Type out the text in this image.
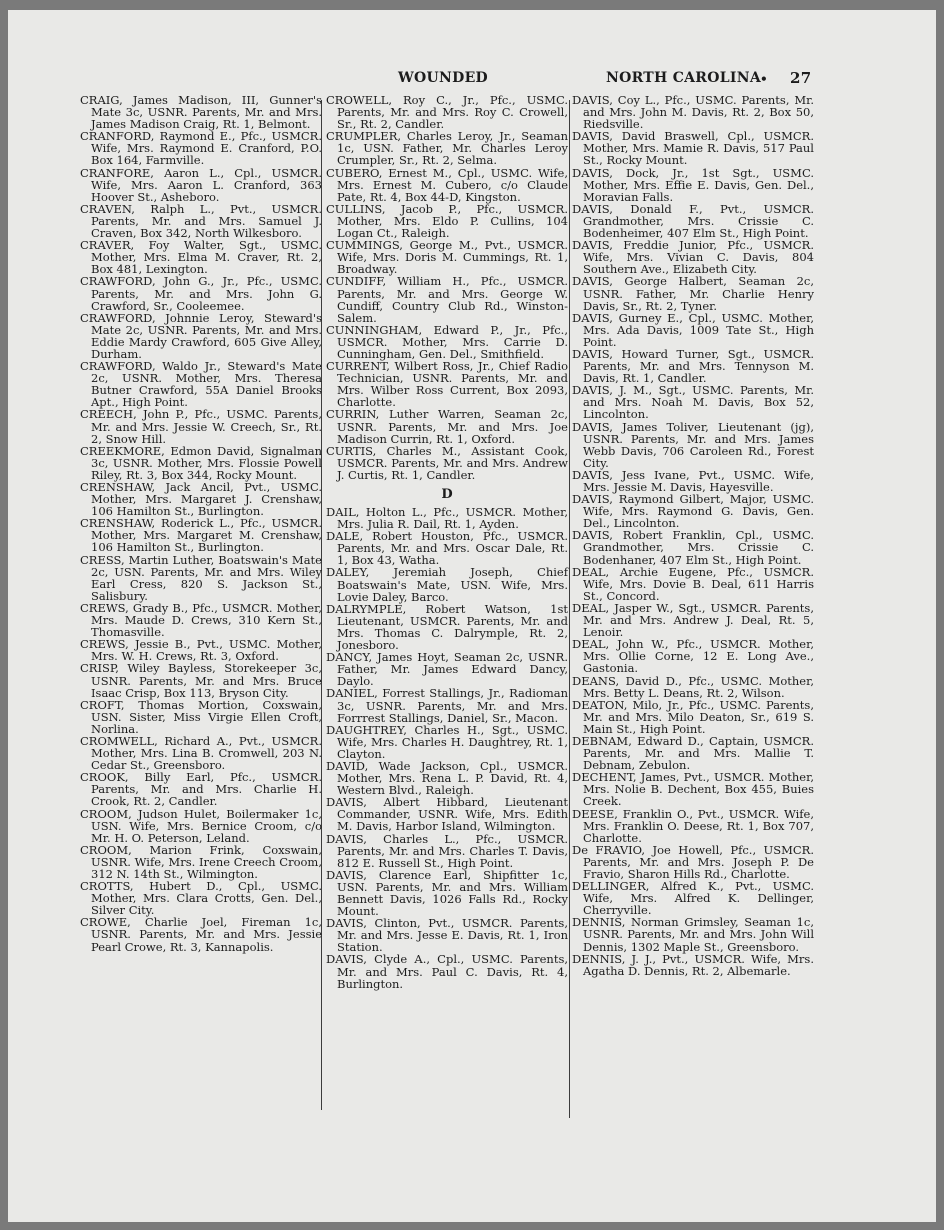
WOUNDED	NORTH CAROLINA • 27

CRAIG, James Madison, III, Gunner's Mate 3c, USNR. Parents, Mr. and Mrs. James Madison Craig, Rt. 1, Belmont.

CRANFORD, Raymond E., Pfc., USMCR. Wife, Mrs. Raymond E. Cranford, P.O. Box 164, Farmville.

CRANFORE, Aaron L., Cpl., USMCR. Wife, Mrs. Aaron L. Cranford, 363 Hoover St., Asheboro.

CRAVEN, Ralph L., Pvt., USMCR. Parents, Mr. and Mrs. Samuel J. Craven, Box 342, North Wilkesboro.

CRAVER, Foy Walter, Sgt., USMC. Mother, Mrs. Elma M. Craver, Rt. 2, Box 481, Lexington.

CRAWFORD, John G., Jr., Pfc., USMC. Parents, Mr. and Mrs. John G. Crawford, Sr., Cooleemee.

CRAWFORD, Johnnie Leroy, Steward's Mate 2c, USNR. Parents, Mr. and Mrs. Eddie Mardy Crawford, 605 Give Alley, Durham.

CRAWFORD, Waldo Jr., Steward's Mate 2c, USNR. Mother, Mrs. Theresa Butner Crawford, 55A Daniel Brooks Apt., High Point.

CREECH, John P., Pfc., USMC. Parents, Mr. and Mrs. Jessie W. Creech, Sr., Rt. 2, Snow Hill.

CREEKMORE, Edmon David, Signalman 3c, USNR. Mother, Mrs. Flossie Powell Riley, Rt. 3, Box 344, Rocky Mount.

CRENSHAW, Jack Ancil, Pvt., USMC. Mother, Mrs. Margaret J. Crenshaw, 106 Hamilton St., Burlington.

CRENSHAW, Roderick L., Pfc., USMCR. Mother, Mrs. Margaret M. Crenshaw, 106 Hamilton St., Burlington.

CRESS, Martin Luther, Boatswain's Mate 2c, USN. Parents, Mr. and Mrs. Wiley Earl Cress, 820 S. Jackson St., Salisbury.

CREWS, Grady B., Pfc., USMCR. Mother, Mrs. Maude D. Crews, 310 Kern St., Thomasville.

CREWS, Jessie B., Pvt., USMC. Mother, Mrs. W. H. Crews, Rt. 3, Oxford.

CRISP, Wiley Bayless, Storekeeper 3c, USNR. Parents, Mr. and Mrs. Bruce Isaac Crisp, Box 113, Bryson City.

CROFT, Thomas Mortion, Coxswain, USN. Sister, Miss Virgie Ellen Croft, Norlina.

CROMWELL, Richard A., Pvt., USMCR. Mother, Mrs. Lina B. Cromwell, 203 N. Cedar St., Greensboro.

CROOK, Billy Earl, Pfc., USMCR. Parents, Mr. and Mrs. Charlie H. Crook, Rt. 2, Candler.

CROOM, Judson Hulet, Boilermaker 1c, USN. Wife, Mrs. Bernice Croom, c/o Mr. H. O. Peterson, Leland.

CROOM, Marion Frink, Coxswain, USNR. Wife, Mrs. Irene Creech Croom, 312 N. 14th St., Wilmington.

CROTTS, Hubert D., Cpl., USMC. Mother, Mrs. Clara Crotts, Gen. Del., Silver City.

CROWE, Charlie Joel, Fireman 1c, USNR. Parents, Mr. and Mrs. Jessie Pearl Crowe, Rt. 3, Kannapolis.

CROWELL, Roy C., Jr., Pfc., USMC. Parents, Mr. and Mrs. Roy C. Crowell, Sr., Rt. 2, Candler.

CRUMPLER, Charles Leroy, Jr., Seaman 1c, USN. Father, Mr. Charles Leroy Crumpler, Sr., Rt. 2, Selma.

CUBERO, Ernest M., Cpl., USMC. Wife, Mrs. Ernest M. Cubero, c/o Claude Pate, Rt. 4, Box 44-D, Kingston.

CULLINS, Jacob P., Pfc., USMCR. Mother, Mrs. Eldo P. Cullins, 104 Logan Ct., Raleigh.

CUMMINGS, George M., Pvt., USMCR. Wife, Mrs. Doris M. Cummings, Rt. 1, Broadway.

CUNDIFF, William H., Pfc., USMCR. Parents, Mr. and Mrs. George W. Cundiff, Country Club Rd., Winston-Salem.

CUNNINGHAM, Edward P., Jr., Pfc., USMCR. Mother, Mrs. Carrie D. Cunningham, Gen. Del., Smithfield.

CURRENT, Wilbert Ross, Jr., Chief Radio Technician, USNR. Parents, Mr. and Mrs. Wilber Ross Current, Box 2093, Charlotte.

CURRIN, Luther Warren, Seaman 2c, USNR. Parents, Mr. and Mrs. Joe Madison Currin, Rt. 1, Oxford.

CURTIS, Charles M., Assistant Cook, USMCR. Parents, Mr. and Mrs. Andrew J. Curtis, Rt. 1, Candler.

D

DAIL, Holton L., Pfc., USMCR. Mother, Mrs. Julia R. Dail, Rt. 1, Ayden.

DALE, Robert Houston, Pfc., USMCR. Parents, Mr. and Mrs. Oscar Dale, Rt. 1, Box 43, Watha.

DALEY, Jeremiah Joseph, Chief Boatswain's Mate, USN. Wife, Mrs. Lovie Daley, Barco.

DALRYMPLE, Robert Watson, 1st Lieutenant, USMCR. Parents, Mr. and Mrs. Thomas C. Dalrymple, Rt. 2, Jonesboro.

DANCY, James Hoyt, Seaman 2c, USNR. Father, Mr. James Edward Dancy, Daylo.

DANIEL, Forrest Stallings, Jr., Radioman 3c, USNR. Parents, Mr. and Mrs. Forrrest Stallings, Daniel, Sr., Macon.

DAUGHTREY, Charles H., Sgt., USMC. Wife, Mrs. Charles H. Daughtrey, Rt. 1, Clayton.

DAVID, Wade Jackson, Cpl., USMCR. Mother, Mrs. Rena L. P. David, Rt. 4, Western Blvd., Raleigh.

DAVIS, Albert Hibbard, Lieutenant Commander, USNR. Wife, Mrs. Edith M. Davis, Harbor Island, Wilmington.

DAVIS, Charles L., Pfc., USMCR. Parents, Mr. and Mrs. Charles T. Davis, 812 E. Russell St., High Point.

DAVIS, Clarence Earl, Shipfitter 1c, USN. Parents, Mr. and Mrs. William Bennett Davis, 1026 Falls Rd., Rocky Mount.

DAVIS, Clinton, Pvt., USMCR. Parents, Mr. and Mrs. Jesse E. Davis, Rt. 1, Iron Station.

DAVIS, Clyde A., Cpl., USMC. Parents, Mr. and Mrs. Paul C. Davis, Rt. 4, Burlington.

DAVIS, Coy L., Pfc., USMC. Parents, Mr. and Mrs. John M. Davis, Rt. 2, Box 50, Riedsville.

DAVIS, David Braswell, Cpl., USMCR. Mother, Mrs. Mamie R. Davis, 517 Paul St., Rocky Mount.

DAVIS, Dock, Jr., 1st Sgt., USMC. Mother, Mrs. Effie E. Davis, Gen. Del., Moravian Falls.

DAVIS, Donald F., Pvt., USMCR. Grandmother, Mrs. Crissie C. Bodenheimer, 407 Elm St., High Point.

DAVIS, Freddie Junior, Pfc., USMCR. Wife, Mrs. Vivian C. Davis, 804 Southern Ave., Elizabeth City.

DAVIS, George Halbert, Seaman 2c, USNR. Father, Mr. Charlie Henry Davis, Sr., Rt. 2, Tyner.

DAVIS, Gurney E., Cpl., USMC. Mother, Mrs. Ada Davis, 1009 Tate St., High Point.

DAVIS, Howard Turner, Sgt., USMCR. Parents, Mr. and Mrs. Tennyson M. Davis, Rt. 1, Candler.

DAVIS, J. M., Sgt., USMC. Parents, Mr. and Mrs. Noah M. Davis, Box 52, Lincolnton.

DAVIS, James Toliver, Lieutenant (jg), USNR. Parents, Mr. and Mrs. James Webb Davis, 706 Caroleen Rd., Forest City.

DAVIS, Jess Ivane, Pvt., USMC. Wife, Mrs. Jessie M. Davis, Hayesville.

DAVIS, Raymond Gilbert, Major, USMC. Wife, Mrs. Raymond G. Davis, Gen. Del., Lincolnton.

DAVIS, Robert Franklin, Cpl., USMC. Grandmother, Mrs. Crissie C. Bodenhaner, 407 Elm St., High Point.

DEAL, Archie Eugene, Pfc., USMCR. Wife, Mrs. Dovie B. Deal, 611 Harris St., Concord.

DEAL, Jasper W., Sgt., USMCR. Parents, Mr. and Mrs. Andrew J. Deal, Rt. 5, Lenoir.

DEAL, John W., Pfc., USMCR. Mother, Mrs. Ollie Corne, 12 E. Long Ave., Gastonia.

DEANS, David D., Pfc., USMC. Mother, Mrs. Betty L. Deans, Rt. 2, Wilson.

DEATON, Milo, Jr., Pfc., USMC. Parents, Mr. and Mrs. Milo Deaton, Sr., 619 S. Main St., High Point.

DEBNAM, Edward D., Captain, USMCR. Parents, Mr. and Mrs. Mallie T. Debnam, Zebulon.

DECHENT, James, Pvt., USMCR. Mother, Mrs. Nolie B. Dechent, Box 455, Buies Creek.

DEESE, Franklin O., Pvt., USMCR. Wife, Mrs. Franklin O. Deese, Rt. 1, Box 707, Charlotte.

De FRAVIO, Joe Howell, Pfc., USMCR. Parents, Mr. and Mrs. Joseph P. De Fravio, Sharon Hills Rd., Charlotte.

DELLINGER, Alfred K., Pvt., USMC. Wife, Mrs. Alfred K. Dellinger, Cherryville.

DENNIS, Norman Grimsley, Seaman 1c, USNR. Parents, Mr. and Mrs. John Will Dennis, 1302 Maple St., Greensboro.

DENNIS, J. J., Pvt., USMCR. Wife, Mrs. Agatha D. Dennis, Rt. 2, Albemarle.
